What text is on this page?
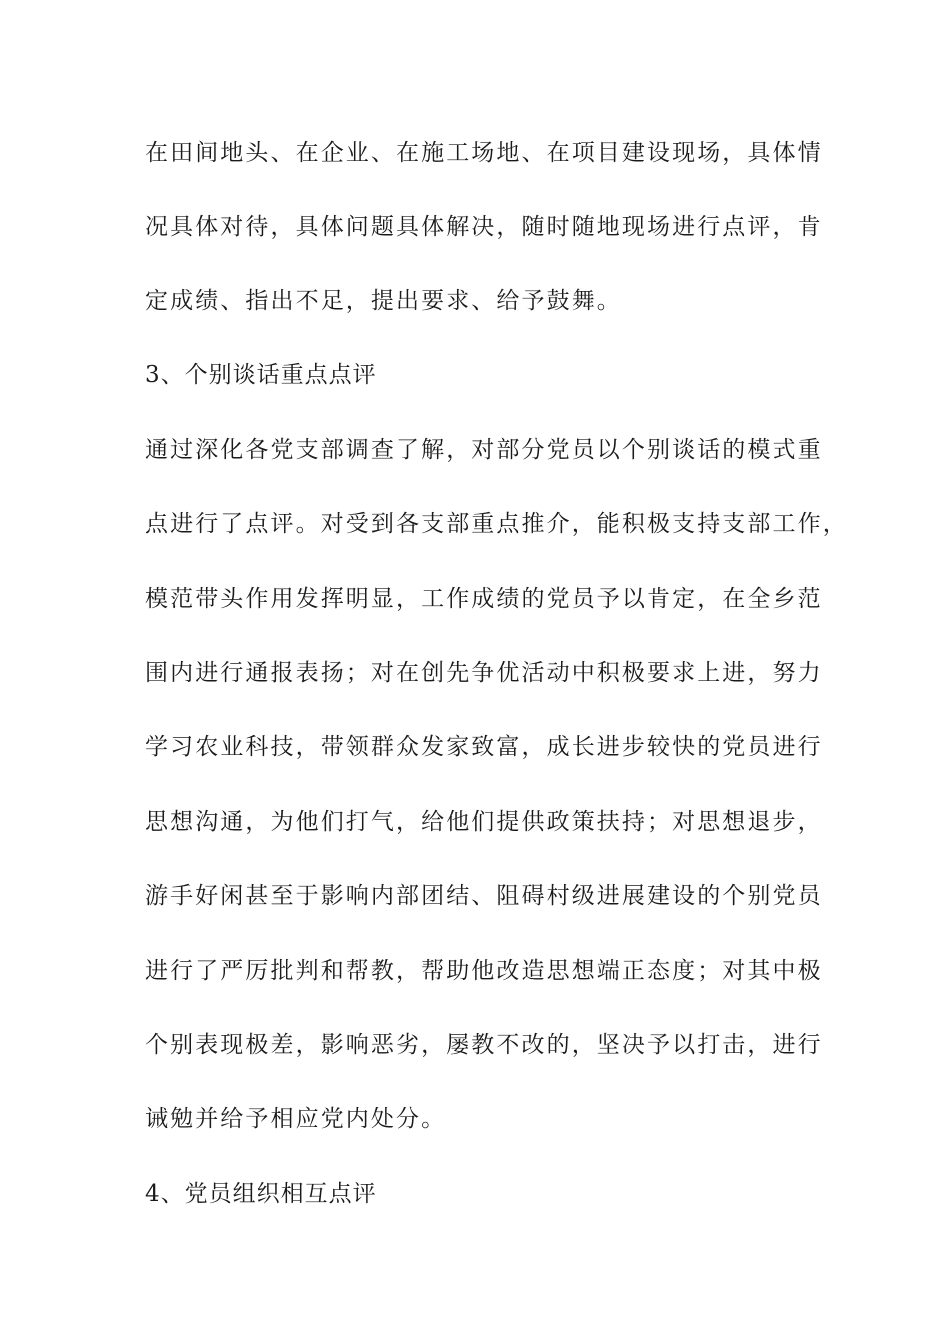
在田间地头、在企业、在施工场地、在项目建设现场，具体情
况具体对待，具体问题具体解决，随时随地现场进行点评，肯
定成绩、指出不足，提出要求、给予鼓舞。
3、个别谈话重点点评
通过深化各党支部调查了解，对部分党员以个别谈话的模式重
点进行了点评。对受到各支部重点推介，能积极支持支部工作，
模范带头作用发挥明显，工作成绩的党员予以肯定，在全乡范
围内进行通报表扬；对在创先争优活动中积极要求上进，努力
学习农业科技，带领群众发家致富，成长进步较快的党员进行
思想沟通，为他们打气，给他们提供政策扶持；对思想退步，
游手好闲甚至于影响内部团结、阻碍村级进展建设的个别党员
进行了严厉批判和帮教，帮助他改造思想端正态度；对其中极
个别表现极差，影响恶劣，屡教不改的，坚决予以打击，进行
诫勉并给予相应党内处分。
4、党员组织相互点评
